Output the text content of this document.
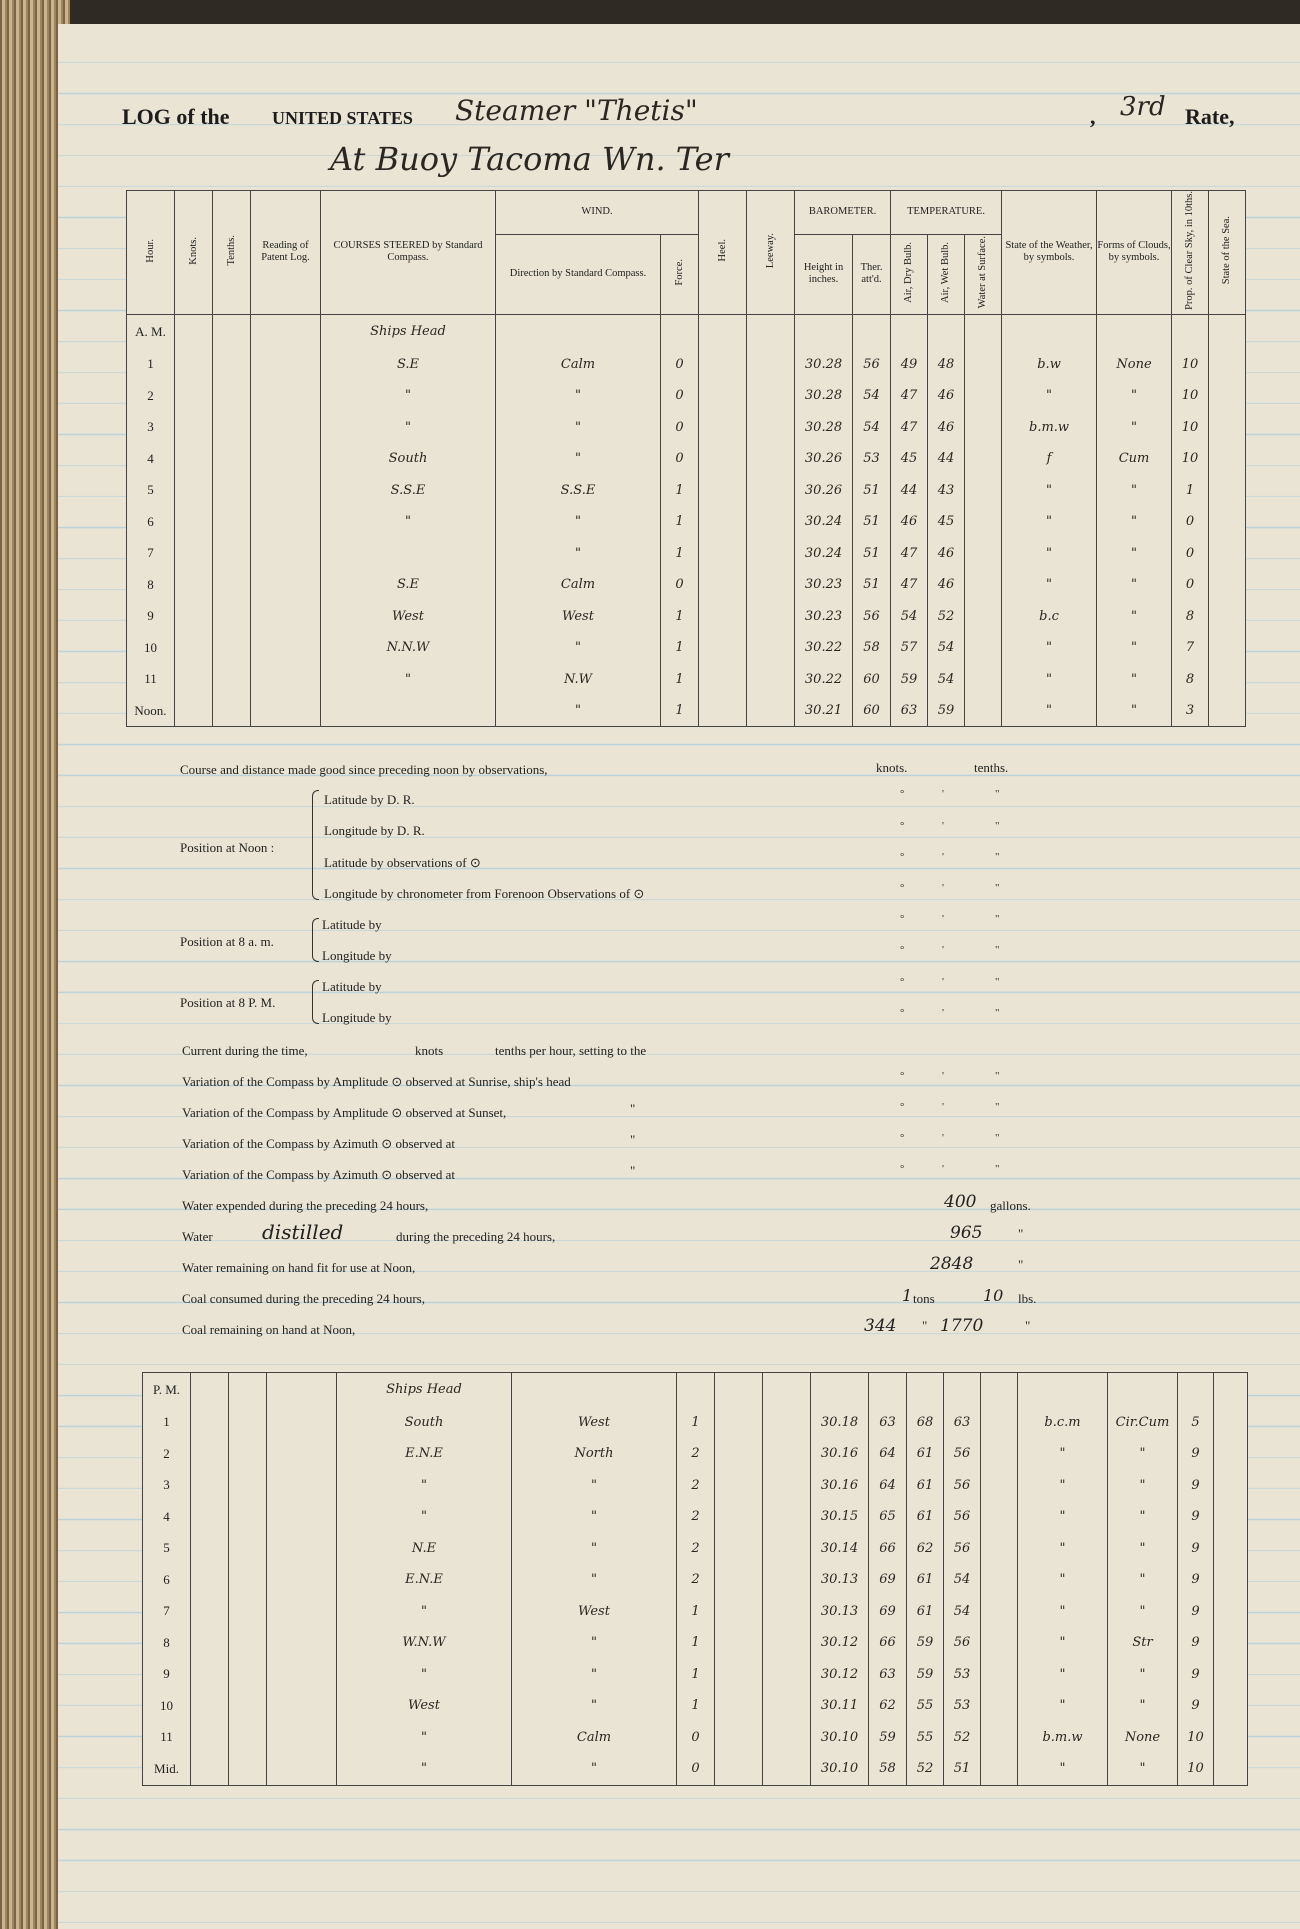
LOG of the UNITED STATES Steamer "Thetis"	, 3rd Rate,
At Buoy Tacoma Wn. Ter
Hour.	Knots.	Tenths.	Reading of Patent Log.	COURSES STEERED by Standard Compass.	WIND.		Heel.	Leeway.	BAROMETER.		TEMPERATURE.			State of the Weather, by symbols.	Forms of Clouds, by symbols.	Prop. of Clear Sky, in 10ths.	State of the Sea.
					Direction by Standard Compass.	Force.			Height in inches.	Ther. att'd.	Air, Dry Bulb.	Air, Wet Bulb.	Water at Surface.				
A. M.				Ships Head													
1				S.E	Calm	0			30.28	56	49	48		b.w	None	10	
2				"	"	0			30.28	54	47	46		"	"	10	
3				"	"	0			30.28	54	47	46		b.m.w	"	10	
4				South	"	0			30.26	53	45	44		f	Cum	10	
5				S.S.E	S.S.E	1			30.26	51	44	43		"	"	1	
6				"	"	1			30.24	51	46	45		"	"	0	
7					"	1			30.24	51	47	46		"	"	0	
8				S.E	Calm	0			30.23	51	47	46		"	"	0	
9				West	West	1			30.23	56	54	52		b.c	"	8	
10				N.N.W	"	1			30.22	58	57	54		"	"	7	
11				"	N.W	1			30.22	60	59	54		"	"	8	
Noon.					"	1			30.21	60	63	59		"	"	3	
Course and distance made good since preceding noon by observations,	knots.	tenths.
Position at Noon :
Latitude by D. R.
Longitude by D. R.
Latitude by observations of ⊙
Longitude by chronometer from Forenoon Observations of ⊙
Position at 8 a. m.
Latitude by
Longitude by
Position at 8 P. M.
Latitude by
Longitude by
Current during the time,	knots	tenths per hour, setting to the
Variation of the Compass by Amplitude ⊙ observed at Sunrise, ship's head
Variation of the Compass by Amplitude ⊙ observed at Sunset,	"
Variation of the Compass by Azimuth ⊙ observed at	"
Variation of the Compass by Azimuth ⊙ observed at	"
Water expended during the preceding 24 hours,	400 gallons.
Water distilled	during the preceding 24 hours,	965	"
Water remaining on hand fit for use at Noon,	2848	"
Coal consumed during the preceding 24 hours,	1 tons	10 lbs.
Coal remaining on hand at Noon,	344 " 1770	"
°	'	"
°	'	"
°	'	"
°	'	"
°	'	"
°	'	"
°	'	"
°	'	"
°	'	"
°	'	"
°	'	"
°	'	"
P. M.				Ships Head													
1				South	West	1			30.18	63	68	63		b.c.m	Cir.Cum	5	
2				E.N.E	North	2			30.16	64	61	56		"	"	9	
3				"	"	2			30.16	64	61	56		"	"	9	
4				"	"	2			30.15	65	61	56		"	"	9	
5				N.E	"	2			30.14	66	62	56		"	"	9	
6				E.N.E	"	2			30.13	69	61	54		"	"	9	
7				"	West	1			30.13	69	61	54		"	"	9	
8				W.N.W	"	1			30.12	66	59	56		"	Str	9	
9				"	"	1			30.12	63	59	53		"	"	9	
10				West	"	1			30.11	62	55	53		"	"	9	
11				"	Calm	0			30.10	59	55	52		b.m.w	None	10	
Mid.				"	"	0			30.10	58	52	51		"	"	10	
